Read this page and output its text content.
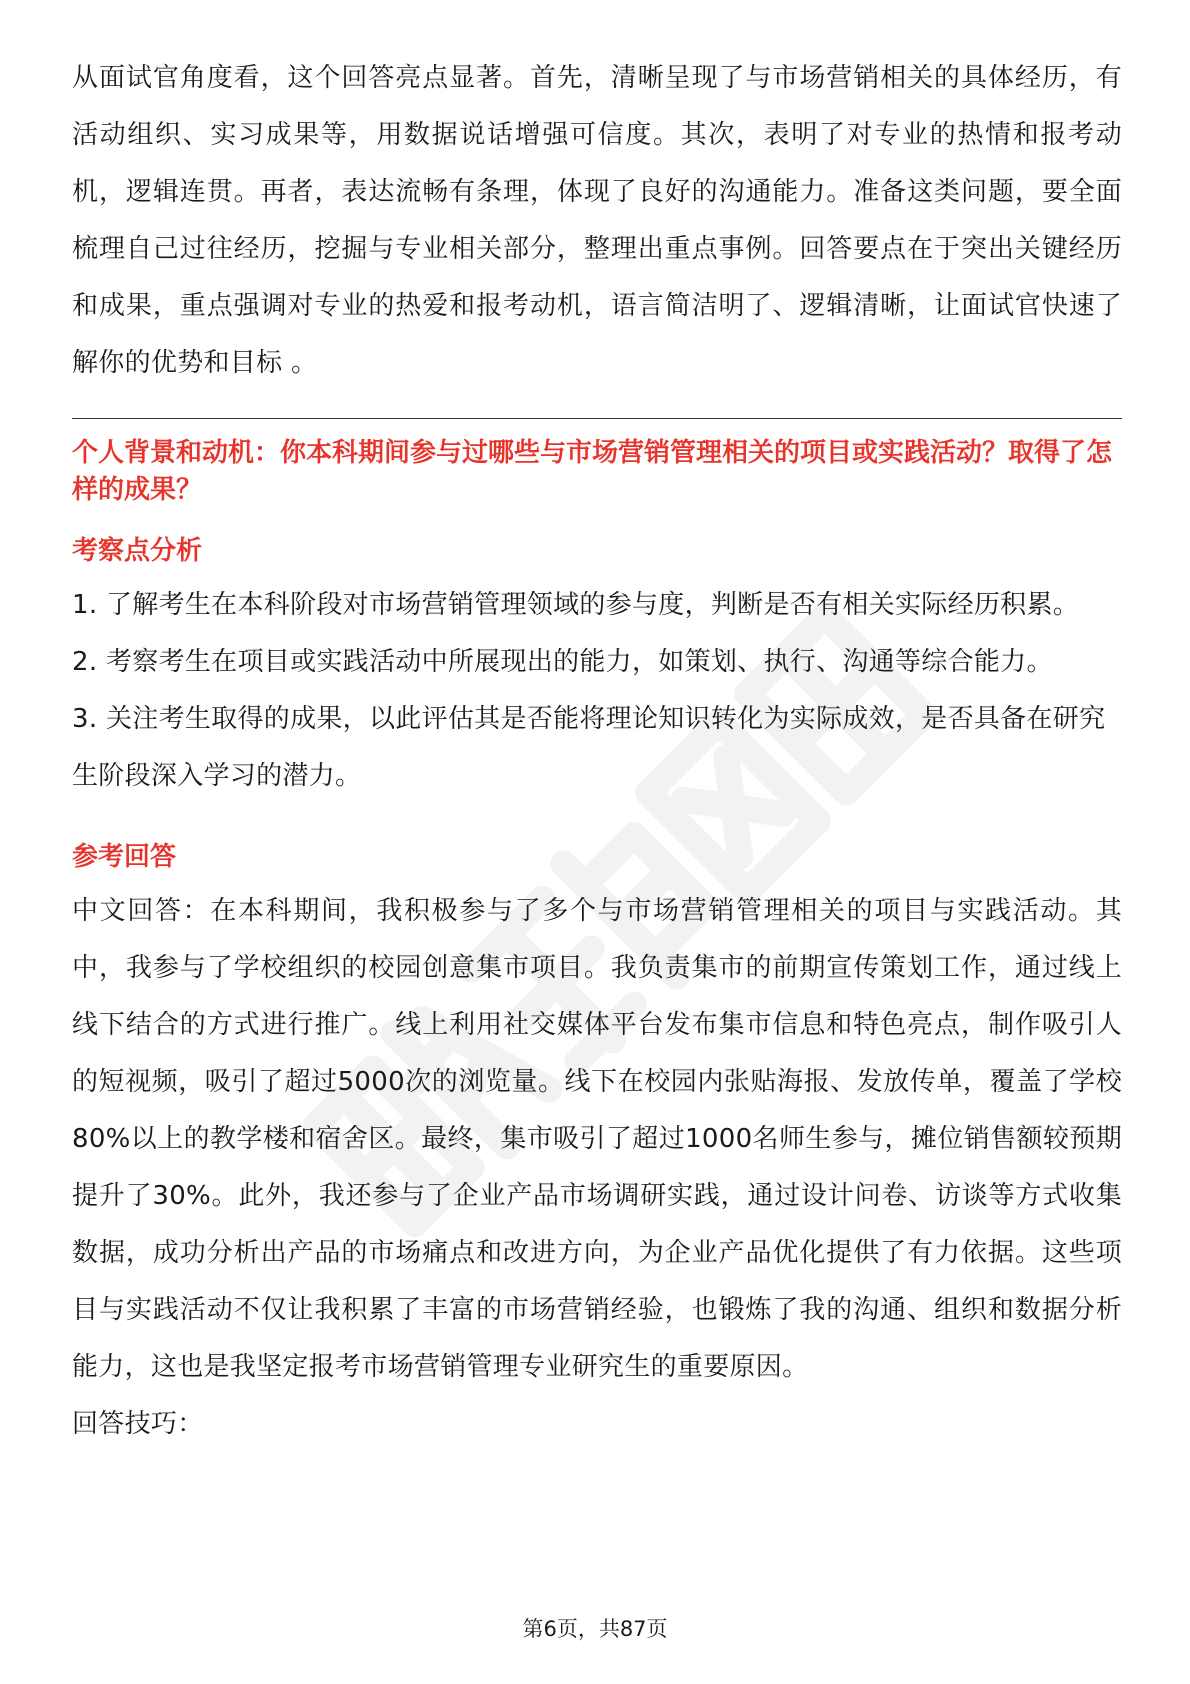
从面试官角度看，这个回答亮点显著。首先，清晰呈现了与市场营销相关的具体经历，有活动组织、实习成果等，用数据说话增强可信度。其次，表明了对专业的热情和报考动机，逻辑连贯。再者，表达流畅有条理，体现了良好的沟通能力。准备这类问题，要全面梳理自己过往经历，挖掘与专业相关部分，整理出重点事例。回答要点在于突出关键经历和成果，重点强调对专业的热爱和报考动机，语言简洁明了、逻辑清晰，让面试官快速了解你的优势和目标 。

个人背景和动机：你本科期间参与过哪些与市场营销管理相关的项目或实践活动？取得了怎样的成果？

考察点分析

1. 了解考生在本科阶段对市场营销管理领域的参与度，判断是否有相关实际经历积累。

2. 考察考生在项目或实践活动中所展现出的能力，如策划、执行、沟通等综合能力。

3. 关注考生取得的成果，以此评估其是否能将理论知识转化为实际成效，是否具备在研究生阶段深入学习的潜力。

参考回答

中文回答：在本科期间，我积极参与了多个与市场营销管理相关的项目与实践活动。其中，我参与了学校组织的校园创意集市项目。我负责集市的前期宣传策划工作，通过线上线下结合的方式进行推广。线上利用社交媒体平台发布集市信息和特色亮点，制作吸引人的短视频，吸引了超过5000次的浏览量。线下在校园内张贴海报、发放传单，覆盖了学校80%以上的教学楼和宿舍区。最终，集市吸引了超过1000名师生参与，摊位销售额较预期提升了30%。此外，我还参与了企业产品市场调研实践，通过设计问卷、访谈等方式收集数据，成功分析出产品的市场痛点和改进方向，为企业产品优化提供了有力依据。这些项目与实践活动不仅让我积累了丰富的市场营销经验，也锻炼了我的沟通、组织和数据分析能力，这也是我坚定报考市场营销管理专业研究生的重要原因。

回答技巧：

第6页，共87页
